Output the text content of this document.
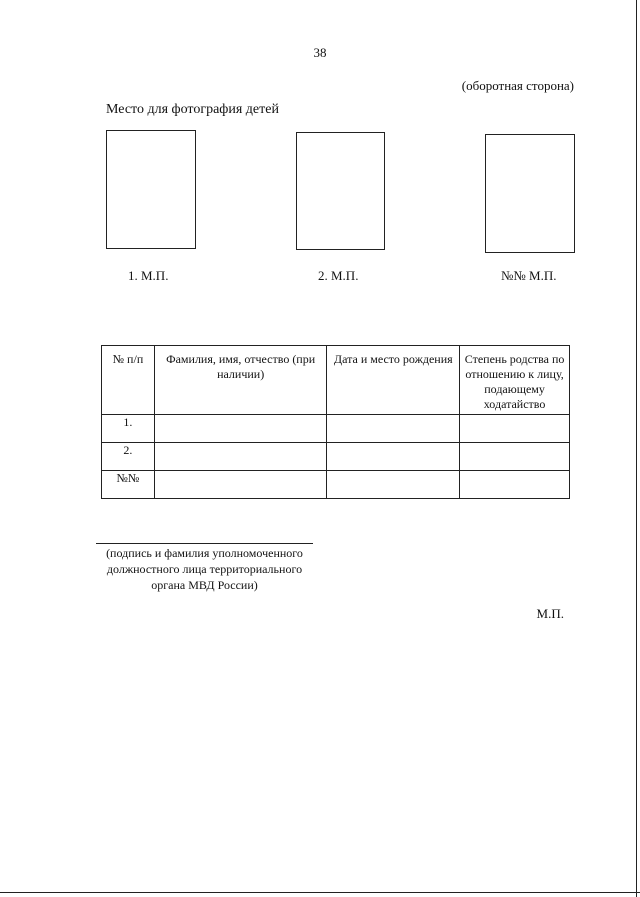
38
(оборотная сторона)
Место для фотография детей
1. М.П.	2. М.П.	№№ М.П.
№ п/п	Фамилия, имя, отчество (при наличии)	Дата и место рождения	Степень родства по отношению к лицу, подающему ходатайство
1.			
2.			
№№			
(подпись и фамилия уполномоченного должностного лица территориального органа МВД России)
М.П.
